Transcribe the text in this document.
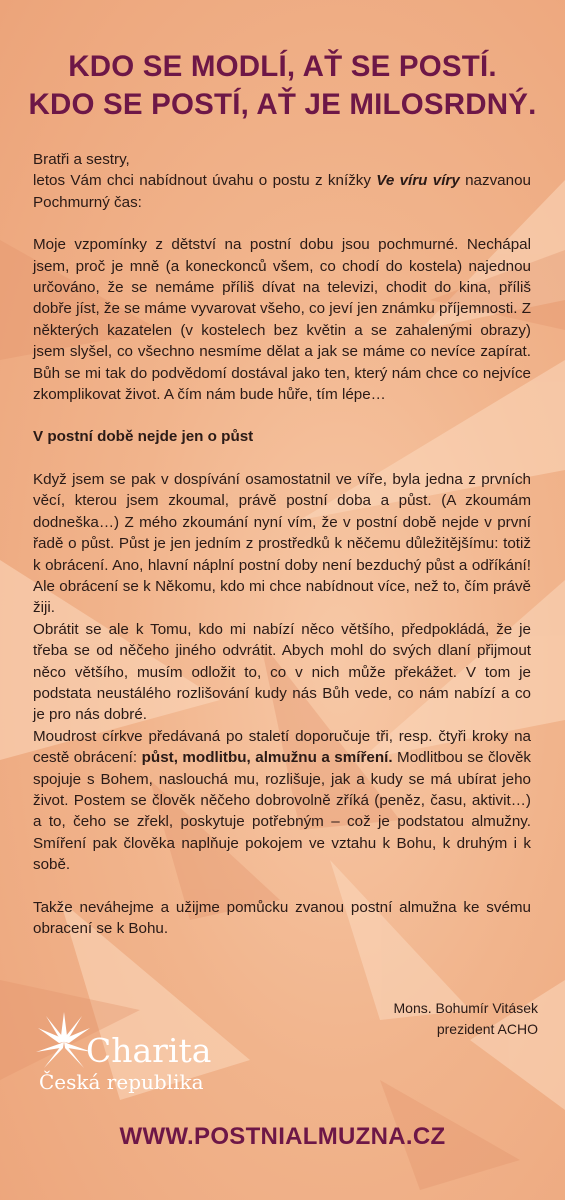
KDO SE MODLÍ, AŤ SE POSTÍ.
KDO SE POSTÍ, AŤ JE MILOSRDNÝ.

Bratři a sestry,

letos Vám chci nabídnout úvahu o postu z knížky Ve víru víry nazvanou Pochmurný čas:

Moje vzpomínky z dětství na postní dobu jsou pochmurné. Nechápal jsem, proč je mně (a koneckonců všem, co chodí do kostela) najednou určováno, že se nemáme příliš dívat na televizi, chodit do kina, příliš dobře jíst, že se máme vyvarovat všeho, co jeví jen známku příjemnosti. Z některých kazatelen (v kostelech bez květin a se zahalenými obrazy) jsem slyšel, co všechno nesmíme dělat a jak se máme co nevíce zapírat. Bůh se mi tak do podvědomí dostával jako ten, který nám chce co nejvíce zkomplikovat život. A čím nám bude hůře, tím lépe…

V postní době nejde jen o půst

Když jsem se pak v dospívání osamostatnil ve víře, byla jedna z prvních věcí, kterou jsem zkoumal, právě postní doba a půst. (A zkoumám dodneška…) Z mého zkoumání nyní vím, že v postní době nejde v první řadě o půst. Půst je jen jedním z prostředků k něčemu důležitějšímu: totiž k obrácení. Ano, hlavní náplní postní doby není bezduchý půst a odříkání! Ale obrácení se k Někomu, kdo mi chce nabídnout více, než to, čím právě žiji.

Obrátit se ale k Tomu, kdo mi nabízí něco většího, předpokládá, že je třeba se od něčeho jiného odvrátit. Abych mohl do svých dlaní přijmout něco většího, musím odložit to, co v nich může překážet. V tom je podstata neustálého rozlišování kudy nás Bůh vede, co nám nabízí a co je pro nás dobré.

Moudrost církve předávaná po staletí doporučuje tři, resp. čtyři kroky na cestě obrácení: půst, modlitbu, almužnu a smíření. Modlitbou se člověk spojuje s Bohem, naslouchá mu, rozlišuje, jak a kudy se má ubírat jeho život. Postem se člověk něčeho dobrovolně zříká (peněz, času, aktivit…) a to, čeho se zřekl, poskytuje potřebným – což je podstatou almužny. Smíření pak člověka naplňuje pokojem ve vztahu k Bohu, k druhým i k sobě.

Takže neváhejme a užijme pomůcku zvanou postní almužna ke svému obracení se k Bohu.

Mons. Bohumír Vitásek
prezident ACHO
Charita
Česká republika
WWW.POSTNIALMUZNA.CZ
